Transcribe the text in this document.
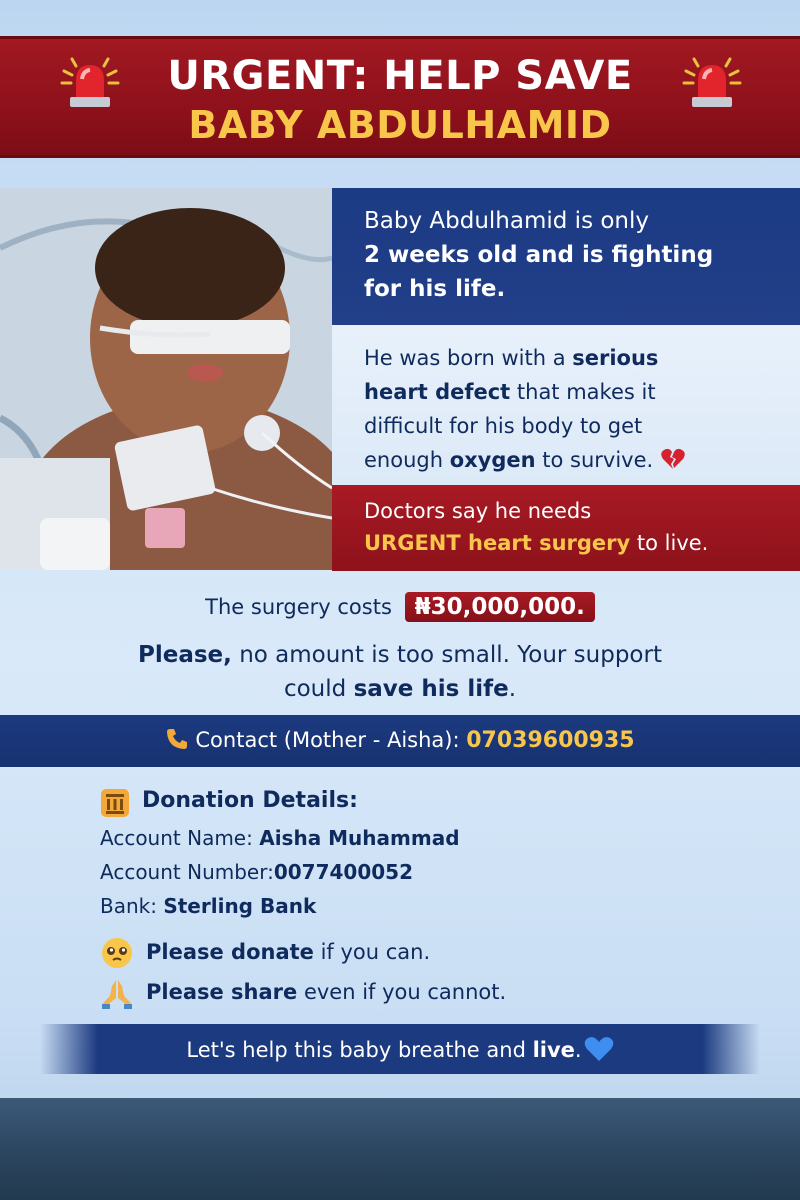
URGENT: HELP SAVE
BABY ABDULHAMID
Baby Abdulhamid is only
2 weeks old and is fighting
for his life.
He was born with a serious
heart defect that makes it
difficult for his body to get
enough oxygen to survive.
Doctors say he needs
URGENT heart surgery to live.
The surgery costs ₦30,000,000.
Please, no amount is too small. Your support
could save his life.
Contact (Mother - Aisha): 07039600935
Donation Details:
Account Name: Aisha Muhammad
Account Number:0077400052
Bank: Sterling Bank
Please donate if you can.
Please share even if you cannot.
Let's help this baby breathe and live.
